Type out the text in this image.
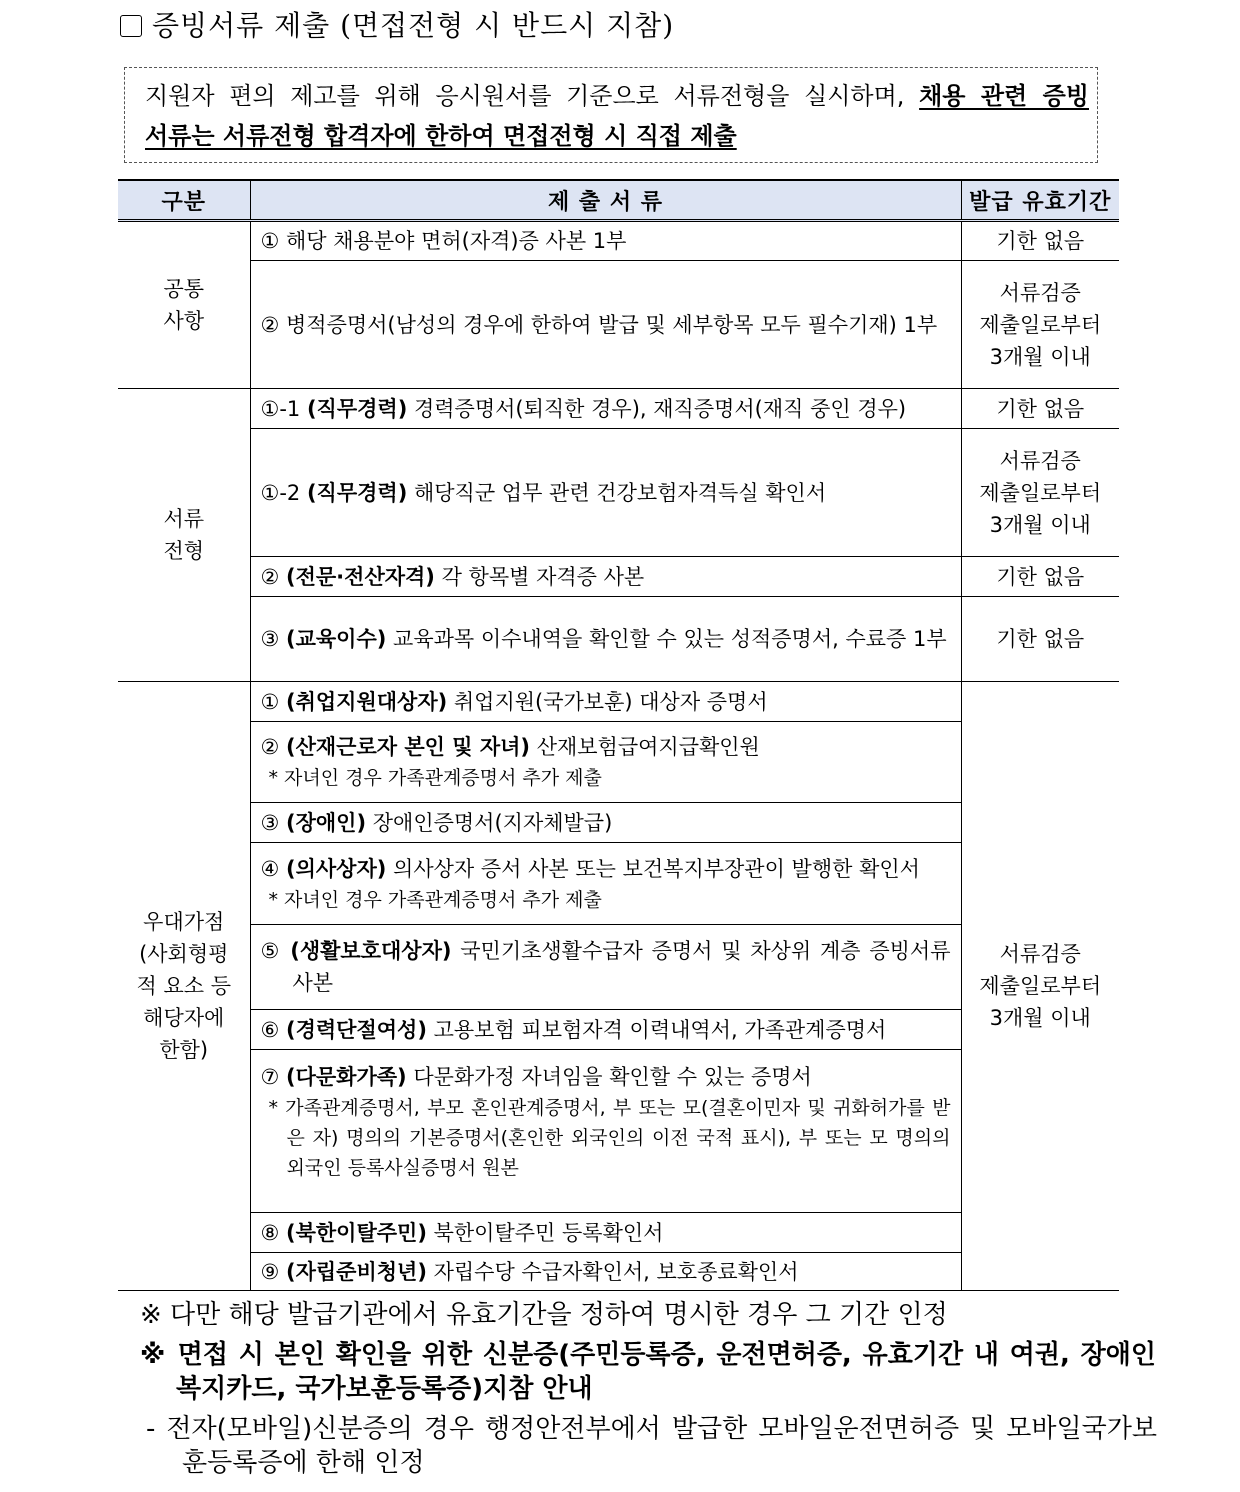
증빙서류 제출 (면접전형 시 반드시 지참)
지원자 편의 제고를 위해 응시원서를 기준으로 서류전형을 실시하며, 채용 관련 증빙
서류는 서류전형 합격자에 한하여 면접전형 시 직접 제출
구분	제 출 서 류	발급 유효기간
공통
사항	① 해당 채용분야 면허(자격)증 사본 1부	기한 없음
	② 병적증명서(남성의 경우에 한하여 발급 및 세부항목 모두 필수기재) 1부	서류검증
제출일로부터
3개월 이내
서류
전형	①-1 (직무경력) 경력증명서(퇴직한 경우), 재직증명서(재직 중인 경우)	기한 없음
	①-2 (직무경력) 해당직군 업무 관련 건강보험자격득실 확인서	서류검증
제출일로부터
3개월 이내
	② (전문·전산자격) 각 항목별 자격증 사본	기한 없음

	③ (교육이수) 교육과목 이수내역을 확인할 수 있는 성적증명서, 수료증 1부	기한 없음
우대가점
(사회형평
적 요소 등
해당자에
한함)	① (취업지원대상자) 취업지원(국가보훈) 대상자 증명서	서류검증
제출일로부터
3개월 이내

	② (산재근로자 본인 및 자녀) 산재보험급여지급확인원
* 자녀인 경우 가족관계증명서 추가 제출	

	③ (장애인) 장애인증명서(지자체발급)	

	④ (의사상자) 의사상자 증서 사본 또는 보건복지부장관이 발행한 확인서
* 자녀인 경우 가족관계증명서 추가 제출	

	⑤ (생활보호대상자) 국민기초생활수급자 증명서 및 차상위 계층 증빙서류 사본	

	⑥ (경력단절여성) 고용보험 피보험자격 이력내역서, 가족관계증명서	

	⑦ (다문화가족) 다문화가정 자녀임을 확인할 수 있는 증명서
* 가족관계증명서, 부모 혼인관계증명서, 부 또는 모(결혼이민자 및 귀화허가를 받은 자) 명의의 기본증명서(혼인한 외국인의 이전 국적 표시), 부 또는 모 명의의 외국인 등록사실증명서 원본	

	⑧ (북한이탈주민) 북한이탈주민 등록확인서	
	⑨ (자립준비청년) 자립수당 수급자확인서, 보호종료확인서	
※ 다만 해당 발급기관에서 유효기간을 정하여 명시한 경우 그 기간 인정
※ 면접 시 본인 확인을 위한 신분증(주민등록증, 운전면허증, 유효기간 내 여권, 장애인 복지카드, 국가보훈등록증)지참 안내
- 전자(모바일)신분증의 경우 행정안전부에서 발급한 모바일운전면허증 및 모바일국가보훈등록증에 한해 인정
